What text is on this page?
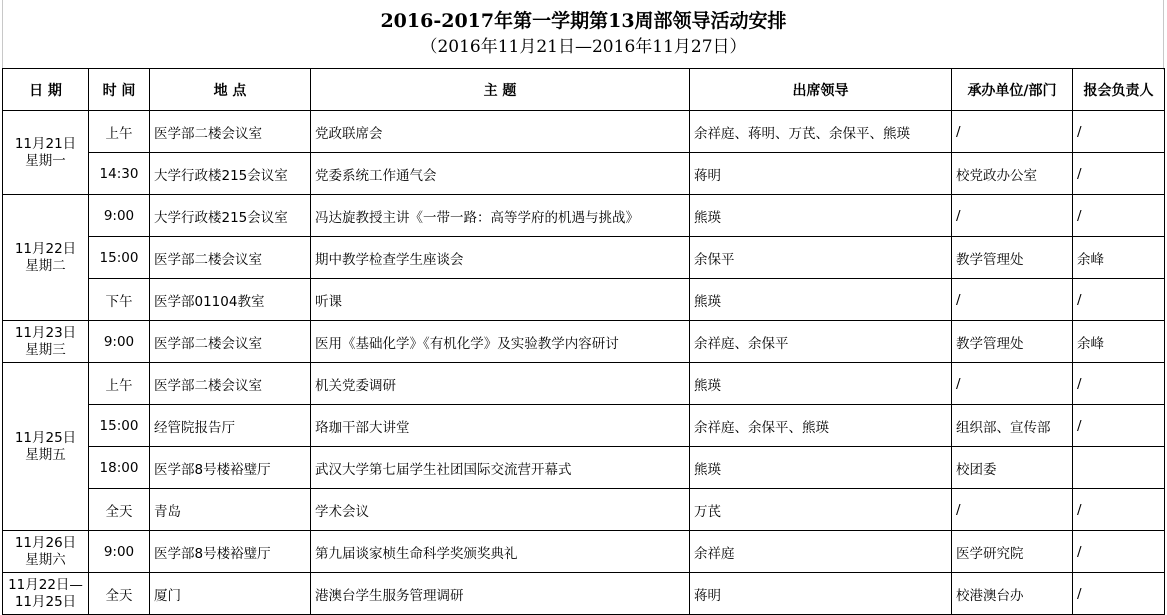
2016-2017年第一学期第13周部领导活动安排
（2016年11月21日—2016年11月27日）
日 期	时 间	地 点	主 题	出席领导	承办单位/部门	报会负责人

11月21日
星期一	上午	医学部二楼会议室	党政联席会	余祥庭、蒋明、万芪、余保平、熊瑛	/	/
	14:30	大学行政楼215会议室	党委系统工作通气会	蒋明	校党政办公室	/

11月22日
星期二	9:00	大学行政楼215会议室	冯达旋教授主讲《一带一路：高等学府的机遇与挑战》	熊瑛	/	/
	15:00	医学部二楼会议室	期中教学检查学生座谈会	余保平	教学管理处	余峰
	下午	医学部01104教室	听课	熊瑛	/	/

11月23日
星期三	9:00	医学部二楼会议室	医用《基础化学》《有机化学》及实验教学内容研讨	余祥庭、余保平	教学管理处	余峰

11月25日
星期五	上午	医学部二楼会议室	机关党委调研	熊瑛	/	/
	15:00	经管院报告厅	珞珈干部大讲堂	余祥庭、余保平、熊瑛	组织部、宣传部	/
	18:00	医学部8号楼裕璧厅	武汉大学第七届学生社团国际交流营开幕式	熊瑛	校团委	
	全天	青岛	学术会议	万芪	/	/

11月26日
星期六	9:00	医学部8号楼裕璧厅	第九届谈家桢生命科学奖颁奖典礼	余祥庭	医学研究院	/

11月22日—
11月25日	全天	厦门	港澳台学生服务管理调研	蒋明	校港澳台办	/
